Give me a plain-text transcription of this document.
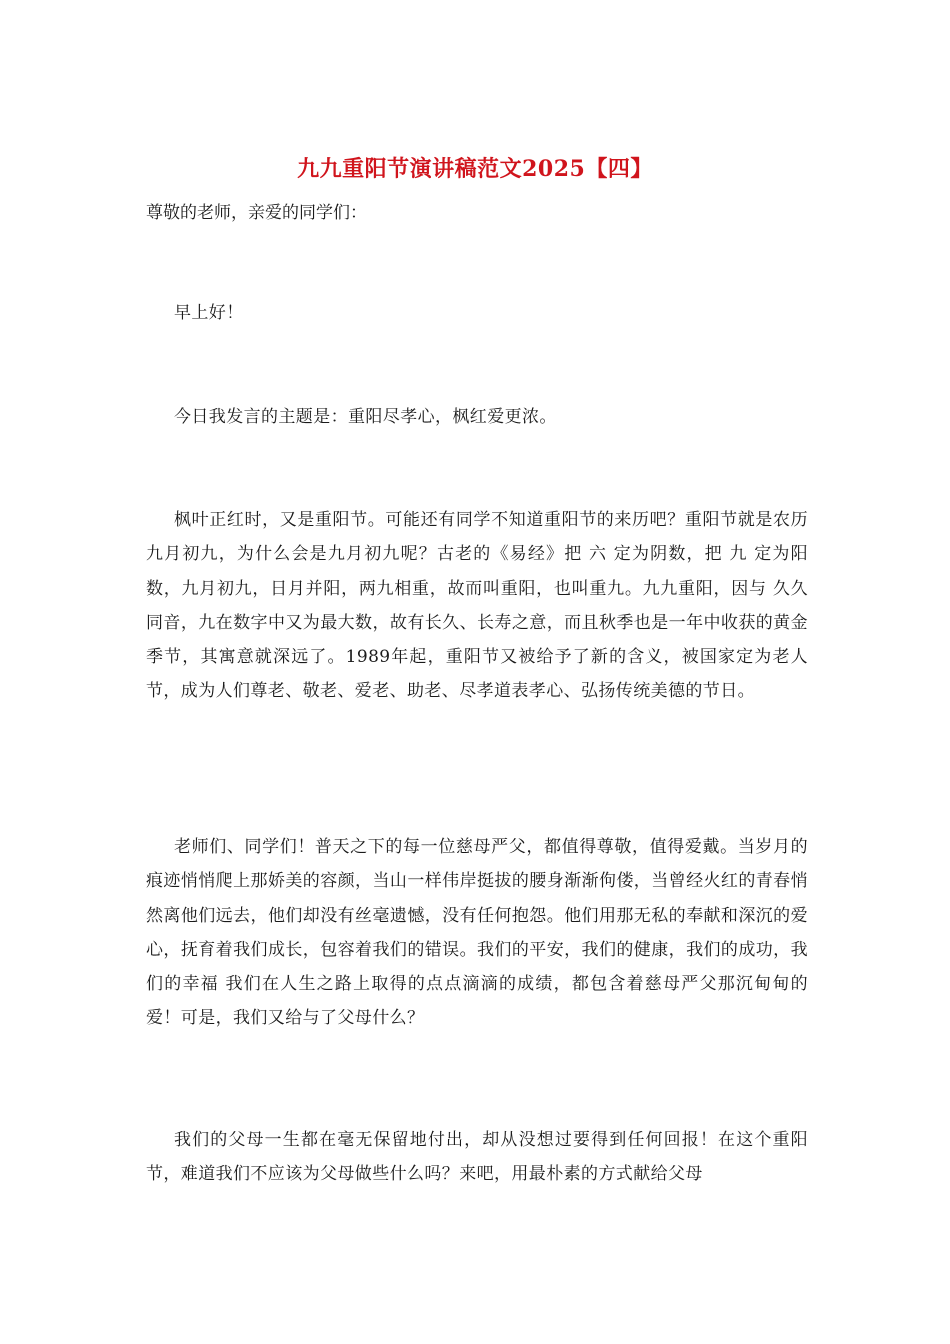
九九重阳节演讲稿范文2025【四】
尊敬的老师，亲爱的同学们：
早上好！
今日我发言的主题是：重阳尽孝心，枫红爱更浓。
枫叶正红时，又是重阳节。可能还有同学不知道重阳节的来历吧？重阳节就是农历九月初九，为什么会是九月初九呢？古老的《易经》把 六 定为阴数，把 九 定为阳数，九月初九，日月并阳，两九相重，故而叫重阳，也叫重九。九九重阳，因与 久久 同音，九在数字中又为最大数，故有长久、长寿之意，而且秋季也是一年中收获的黄金季节，其寓意就深远了。1989年起，重阳节又被给予了新的含义，被国家定为老人节，成为人们尊老、敬老、爱老、助老、尽孝道表孝心、弘扬传统美德的节日。
老师们、同学们！普天之下的每一位慈母严父，都值得尊敬，值得爱戴。当岁月的痕迹悄悄爬上那娇美的容颜，当山一样伟岸挺拔的腰身渐渐佝偻，当曾经火红的青春悄然离他们远去，他们却没有丝毫遗憾，没有任何抱怨。他们用那无私的奉献和深沉的爱心，抚育着我们成长，包容着我们的错误。我们的平安，我们的健康，我们的成功，我们的幸福 我们在人生之路上取得的点点滴滴的成绩，都包含着慈母严父那沉甸甸的爱！可是，我们又给与了父母什么？
我们的父母一生都在毫无保留地付出，却从没想过要得到任何回报！在这个重阳节，难道我们不应该为父母做些什么吗？来吧，用最朴素的方式献给父母
